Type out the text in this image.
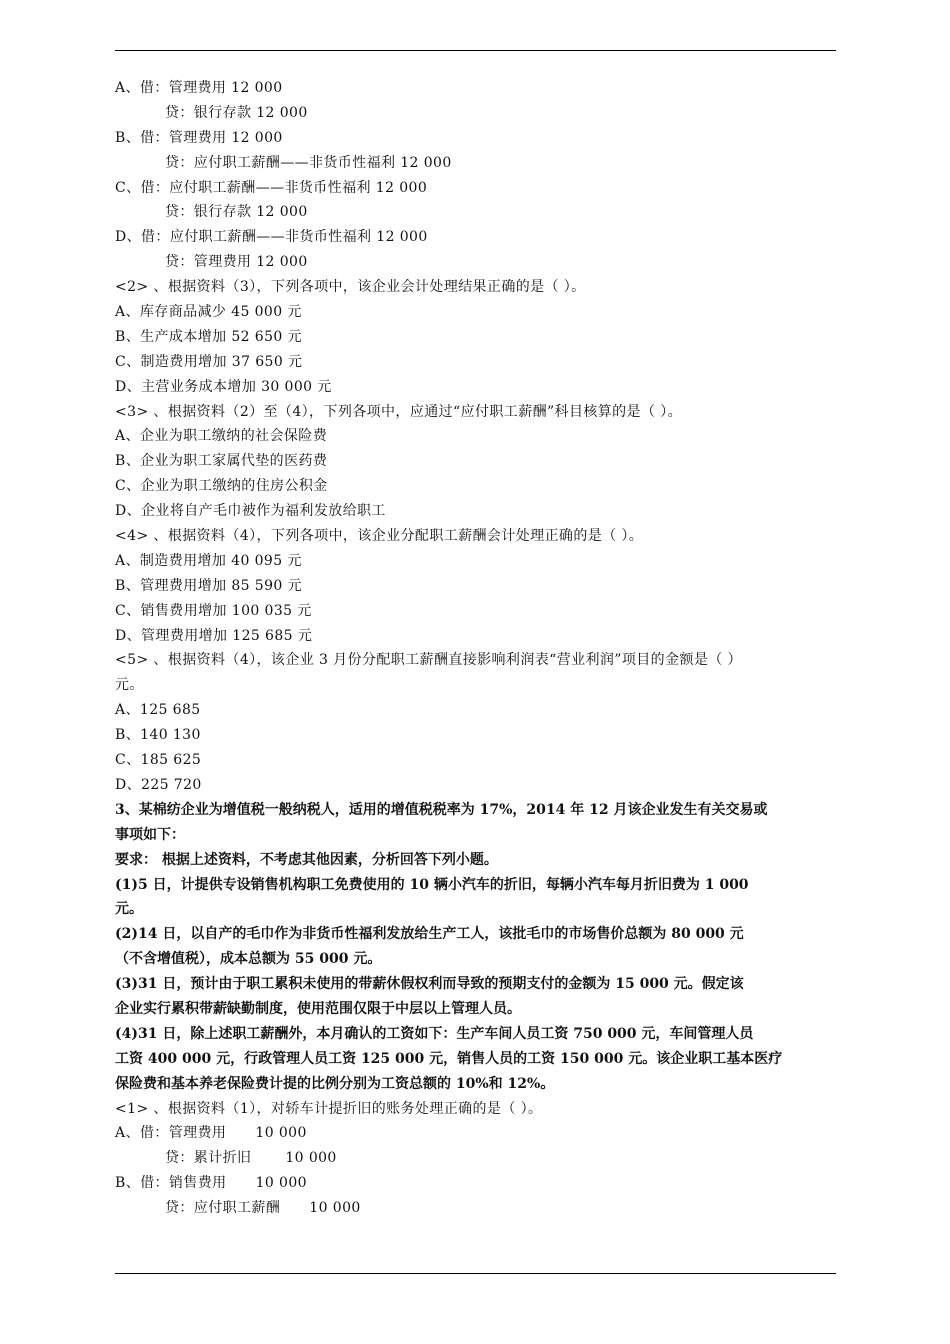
A、借：管理费用 12 000
贷：银行存款 12 000
B、借：管理费用 12 000
贷：应付职工薪酬——非货币性福利 12 000
C、借：应付职工薪酬——非货币性福利 12 000
贷：银行存款 12 000
D、借：应付职工薪酬——非货币性福利 12 000
贷：管理费用 12 000
<2> 、根据资料（3），下列各项中，该企业会计处理结果正确的是（ ）。
A、库存商品减少 45 000 元
B、生产成本增加 52 650 元
C、制造费用增加 37 650 元
D、主营业务成本增加 30 000 元
<3> 、根据资料（2）至（4），下列各项中，应通过“应付职工薪酬”科目核算的是（ ）。
A、企业为职工缴纳的社会保险费
B、企业为职工家属代垫的医药费
C、企业为职工缴纳的住房公积金
D、企业将自产毛巾被作为福利发放给职工
<4> 、根据资料（4），下列各项中，该企业分配职工薪酬会计处理正确的是（ ）。
A、制造费用增加 40 095 元
B、管理费用增加 85 590 元
C、销售费用增加 100 035 元
D、管理费用增加 125 685 元
<5> 、根据资料（4），该企业 3 月份分配职工薪酬直接影响利润表“营业利润”项目的金额是（ ）
元。
A、125 685
B、140 130
C、185 625
D、225 720
3、某棉纺企业为增值税一般纳税人，适用的增值税税率为 17%，2014 年 12 月该企业发生有关交易或
事项如下：
要求： 根据上述资料，不考虑其他因素，分析回答下列小题。
(1)5 日，计提供专设销售机构职工免费使用的 10 辆小汽车的折旧，每辆小汽车每月折旧费为 1 000
元。
(2)14 日，以自产的毛巾作为非货币性福利发放给生产工人，该批毛巾的市场售价总额为 80 000 元
（不含增值税），成本总额为 55 000 元。
(3)31 日，预计由于职工累积未使用的带薪休假权利而导致的预期支付的金额为 15 000 元。假定该
企业实行累积带薪缺勤制度，使用范围仅限于中层以上管理人员。
(4)31 日，除上述职工薪酬外，本月确认的工资如下：生产车间人员工资 750 000 元，车间管理人员
工资 400 000 元，行政管理人员工资 125 000 元，销售人员的工资 150 000 元。该企业职工基本医疗
保险费和基本养老保险费计提的比例分别为工资总额的 10%和 12%。
<1> 、根据资料（1），对轿车计提折旧的账务处理正确的是（ ）。
A、借：管理费用      10 000
贷：累计折旧       10 000
B、借：销售费用      10 000
贷：应付职工薪酬      10 000
